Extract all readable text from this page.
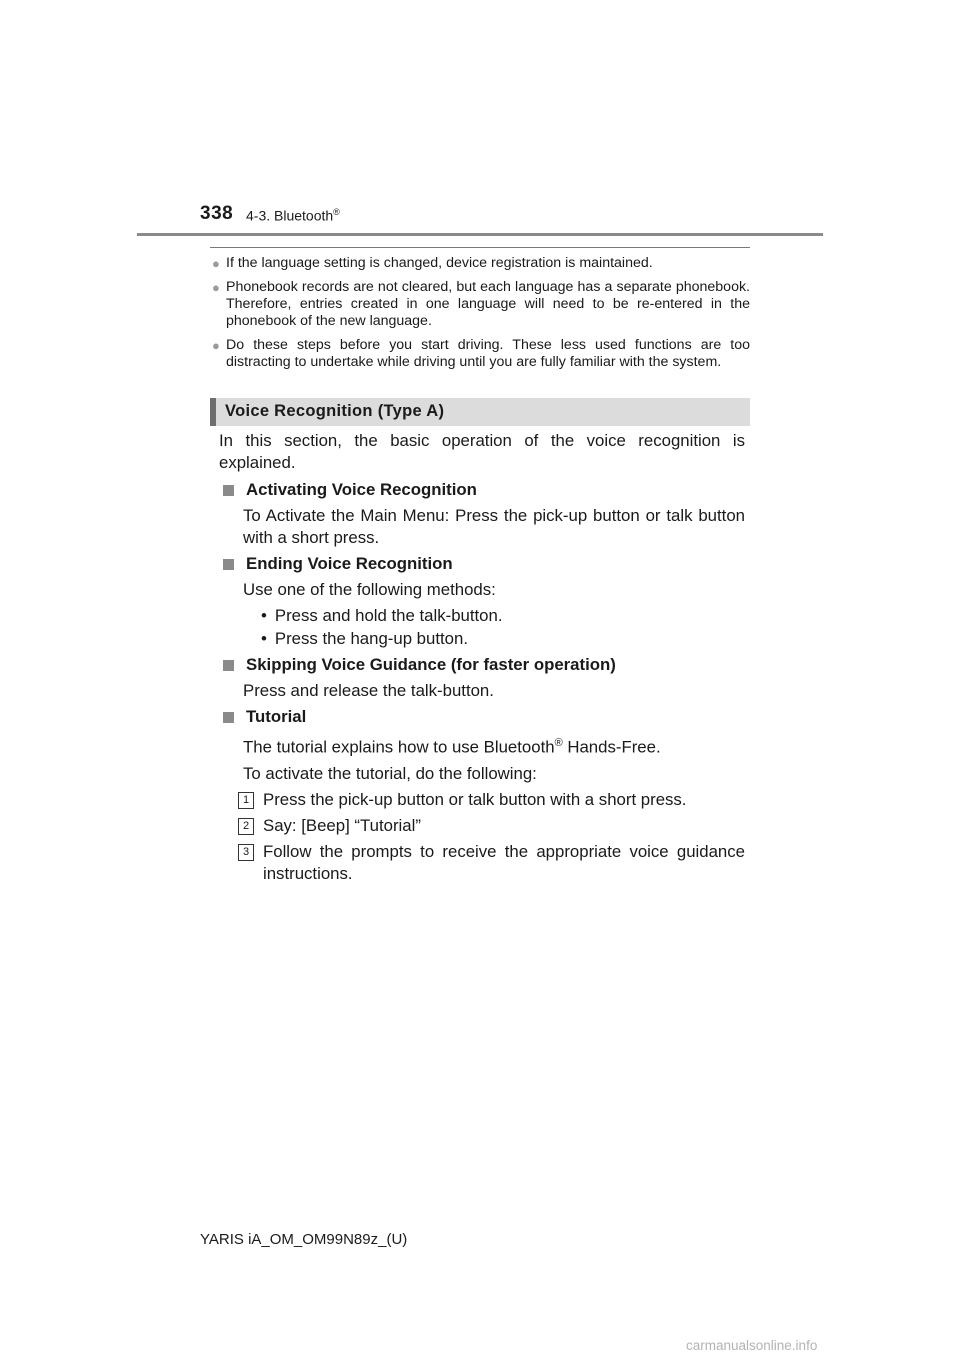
338 4-3. Bluetooth®
● If the language setting is changed, device registration is maintained.
● Phonebook records are not cleared, but each language has a separate phonebook. Therefore, entries created in one language will need to be re-entered in the phonebook of the new language.
● Do these steps before you start driving. These less used functions are too distracting to undertake while driving until you are fully familiar with the system.
Voice Recognition (Type A)
In this section, the basic operation of the voice recognition is explained.
Activating Voice Recognition

To Activate the Main Menu: Press the pick-up button or talk button with a short press.

Ending Voice Recognition

Use one of the following methods:

• Press and hold the talk-button.
• Press the hang-up button.
Skipping Voice Guidance (for faster operation)

Press and release the talk-button.

Tutorial

The tutorial explains how to use Bluetooth® Hands-Free.

To activate the tutorial, do the following:

1 Press the pick-up button or talk button with a short press.
2 Say: [Beep] “Tutorial”
3 Follow the prompts to receive the appropriate voice guidance instructions.
YARIS iA_OM_OM99N89z_(U)
carmanualsonline.info
